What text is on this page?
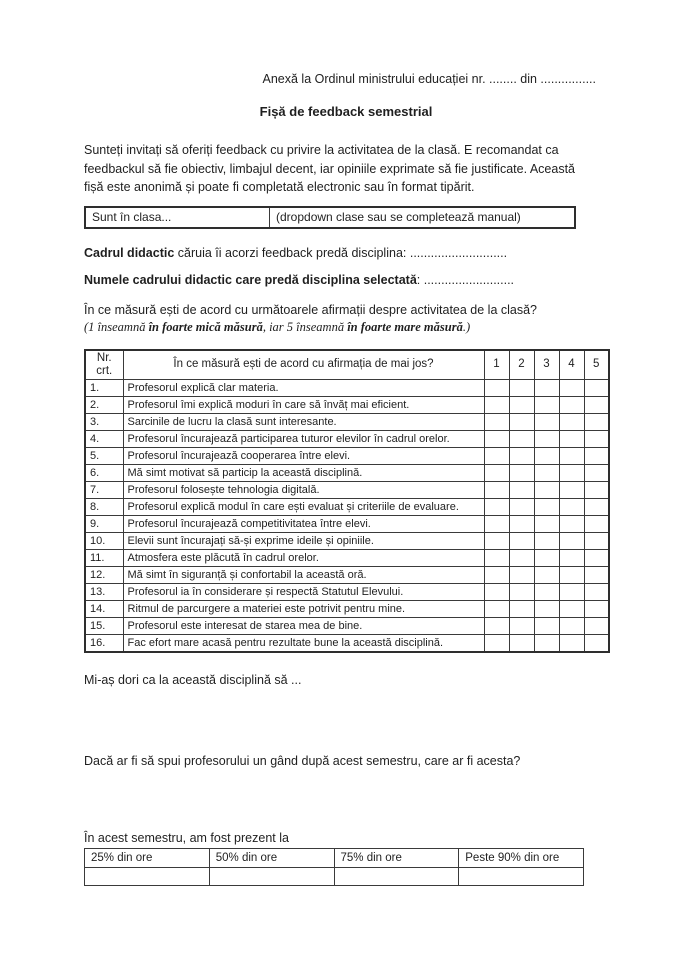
Anexă la Ordinul ministrului educației nr. ........ din ................
Fișă de feedback semestrial
Sunteți invitați să oferiți feedback cu privire la activitatea de la clasă. E recomandat ca
feedbackul să fie obiectiv, limbajul decent, iar opiniile exprimate să fie justificate. Această
fișă este anonimă și poate fi completată electronic sau în format tipărit.
Sunt în clasa...	(dropdown clase sau se completează manual)
Cadrul didactic căruia îi acorzi feedback predă disciplina: ............................
Numele cadrului didactic care predă disciplina selectată: ..........................
În ce măsură ești de acord cu următoarele afirmații despre activitatea de la clasă?
(1 înseamnă în foarte mică măsură, iar 5 înseamnă în foarte mare măsură.)
Nr. crt.	În ce măsură ești de acord cu afirmația de mai jos?	1	2	3	4	5
1.	Profesorul explică clar materia.					
2.	Profesorul îmi explică moduri în care să învăț mai eficient.					
3.	Sarcinile de lucru la clasă sunt interesante.					
4.	Profesorul încurajează participarea tuturor elevilor în cadrul orelor.					
5.	Profesorul încurajează cooperarea între elevi.					
6.	Mă simt motivat să particip la această disciplină.					
7.	Profesorul folosește tehnologia digitală.					
8.	Profesorul explică modul în care ești evaluat și criteriile de evaluare.					
9.	Profesorul încurajează competitivitatea între elevi.					
10.	Elevii sunt încurajați să-și exprime ideile și opiniile.					
11.	Atmosfera este plăcută în cadrul orelor.					
12.	Mă simt în siguranță și confortabil la această oră.					
13.	Profesorul ia în considerare și respectă Statutul Elevului.					
14.	Ritmul de parcurgere a materiei este potrivit pentru mine.					
15.	Profesorul este interesat de starea mea de bine.					
16.	Fac efort mare acasă pentru rezultate bune la această disciplină.					
Mi-aș dori ca la această disciplină să ...
Dacă ar fi să spui profesorului un gând după acest semestru, care ar fi acesta?
În acest semestru, am fost prezent la
25% din ore	50% din ore	75% din ore	Peste 90% din ore
